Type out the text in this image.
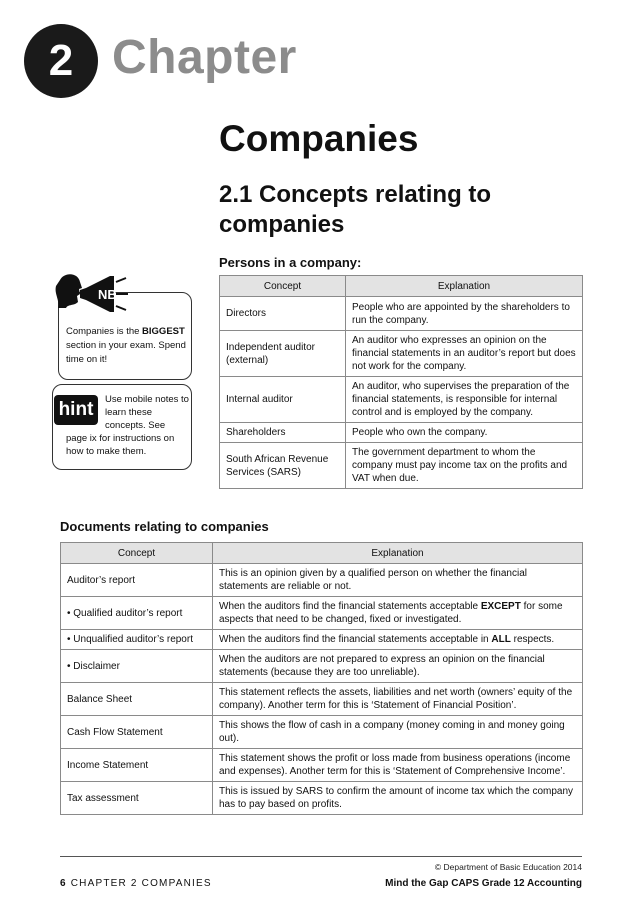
2 Chapter
Companies
2.1 Concepts relating to companies
Persons in a company:
Concept	Explanation
Directors	People who are appointed by the shareholders to run the company.
Independent auditor (external)	An auditor who expresses an opinion on the financial statements in an auditor’s report but does not work for the company.
Internal auditor	An auditor, who supervises the preparation of the financial statements, is responsible for internal control and is employed by the company.
Shareholders	People who own the company.
South African Revenue Services (SARS)	The government department to whom the company must pay income tax on the profits and VAT when due.
NB
Companies is the BIGGEST section in your exam. Spend time on it!
hint	Use mobile notes to learn these concepts. See
page ix for instructions on how to make them.
Documents relating to companies
Concept	Explanation
Auditor’s report	This is an opinion given by a qualified person on whether the financial statements are reliable or not.
• Qualified auditor’s report	When the auditors find the financial statements acceptable EXCEPT for some aspects that need to be changed, fixed or investigated.
• Unqualified auditor’s report	When the auditors find the financial statements acceptable in ALL respects.
• Disclaimer	When the auditors are not prepared to express an opinion on the financial statements (because they are too unreliable).
Balance Sheet	This statement reflects the assets, liabilities and net worth (owners’ equity of the company). Another term for this is ‘Statement of Financial Position’.
Cash Flow Statement	This shows the flow of cash in a company (money coming in and money going out).
Income Statement	This statement shows the profit or loss made from business operations (income and expenses). Another term for this is ‘Statement of Comprehensive Income’.
Tax assessment	This is issued by SARS to confirm the amount of income tax which the company has to pay based on profits.
© Department of Basic Education 2014
6 CHAPTER 2 COMPANIES	Mind the Gap CAPS Grade 12 Accounting
